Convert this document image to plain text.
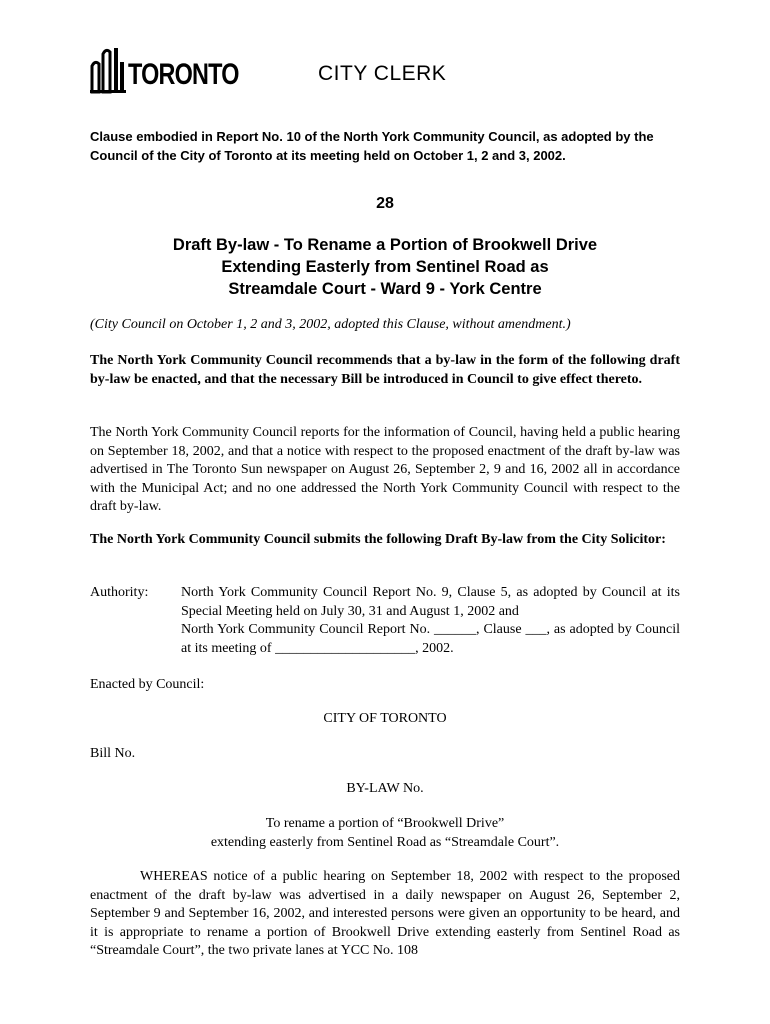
TORONTO	CITY CLERK
Clause embodied in Report No. 10 of the North York Community Council, as adopted by the Council of the City of Toronto at its meeting held on October 1, 2 and 3, 2002.
28
Draft By-law - To Rename a Portion of Brookwell Drive
Extending Easterly from Sentinel Road as
Streamdale Court - Ward 9 - York Centre
(City Council on October 1, 2 and 3, 2002, adopted this Clause, without amendment.)
The North York Community Council recommends that a by-law in the form of the following draft by-law be enacted, and that the necessary Bill be introduced in Council to give effect thereto.
The North York Community Council reports for the information of Council, having held a public hearing on September 18, 2002, and that a notice with respect to the proposed enactment of the draft by-law was advertised in The Toronto Sun newspaper on August 26, September 2, 9 and 16, 2002 all in accordance with the Municipal Act; and no one addressed the North York Community Council with respect to the draft by-law.
The North York Community Council submits the following Draft By-law from the City Solicitor:
Authority: North York Community Council Report No. 9, Clause 5, as adopted by Council at its Special Meeting held on July 30, 31 and August 1, 2002 and
North York Community Council Report No. ______, Clause ___, as adopted by Council at its meeting of ____________________, 2002.
Enacted by Council:
CITY OF TORONTO
Bill No.
BY-LAW No.
To rename a portion of “Brookwell Drive”
extending easterly from Sentinel Road as “Streamdale Court”.
WHEREAS notice of a public hearing on September 18, 2002 with respect to the proposed enactment of the draft by-law was advertised in a daily newspaper on August 26, September 2, September 9 and September 16, 2002, and interested persons were given an opportunity to be heard, and it is appropriate to rename a portion of Brookwell Drive extending easterly from Sentinel Road as “Streamdale Court”, the two private lanes at YCC No. 108
